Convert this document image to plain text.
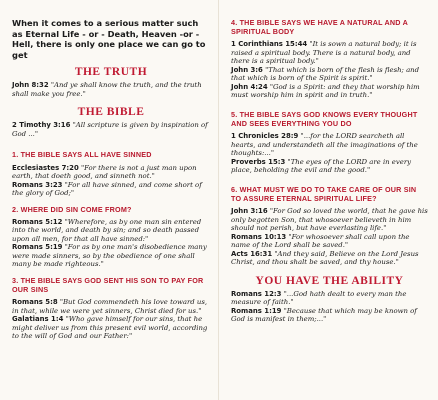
When it comes to a serious matter such as Eternal Life - or - Death, Heaven -or - Hell, there is only one place we can go to get

THE TRUTH

John 8:32 "And ye shall know the truth, and the truth shall make you free."

THE BIBLE

2 Timothy 3:16 "All scripture is given by inspiration of God ..."

1. THE BIBLE SAYS ALL HAVE SINNED

Ecclesiastes 7:20 "For there is not a just man upon earth, that doeth good, and sinneth not."

Romans 3:23 "For all have sinned, and come short of the glory of God;"

2. WHERE DID SIN COME FROM?

Romans 5:12 "Wherefore, as by one man sin entered into the world, and death by sin; and so death passed upon all men, for that all have sinned:"

Romans 5:19 "For as by one man's disobedience many were made sinners, so by the obedience of one shall many be made righteous."

3. THE BIBLE SAYS GOD SENT HIS SON TO PAY FOR OUR SINS

Romans 5:8 "But God commendeth his love toward us, in that, while we were yet sinners, Christ died for us."

Galatians 1:4 "Who gave himself for our sins, that he might deliver us from this present evil world, according to the will of God and our Father:"

4. THE BIBLE SAYS WE HAVE A NATURAL AND A SPIRITUAL BODY

1 Corinthians 15:44 "It is sown a natural body; it is raised a spiritual body. There is a natural body, and there is a spiritual body."

John 3:6 "That which is born of the flesh is flesh; and that which is born of the Spirit is spirit."

John 4:24 "God is a Spirit: and they that worship him must worship him in spirit and in truth."

5. THE BIBLE SAYS GOD KNOWS EVERY THOUGHT AND SEES EVERYTHING YOU DO

1 Chronicles 28:9 "...for the LORD searcheth all hearts, and understandeth all the imaginations of the thoughts:..."

Proverbs 15:3 "The eyes of the LORD are in every place, beholding the evil and the good."

6. WHAT MUST WE DO TO TAKE CARE OF OUR SIN TO ASSURE ETERNAL SPIRITUAL LIFE?

John 3:16 "For God so loved the world, that he gave his only begotten Son, that whosoever believeth in him should not perish, but have everlasting life."

Romans 10:13 "For whosoever shall call upon the name of the Lord shall be saved."

Acts 16:31 "And they said, Believe on the Lord Jesus Christ, and thou shalt be saved, and thy house."

YOU HAVE THE ABILITY

Romans 12:3 "...God hath dealt to every man the measure of faith."

Romans 1:19 "Because that which may be known of God is manifest in them;..."
